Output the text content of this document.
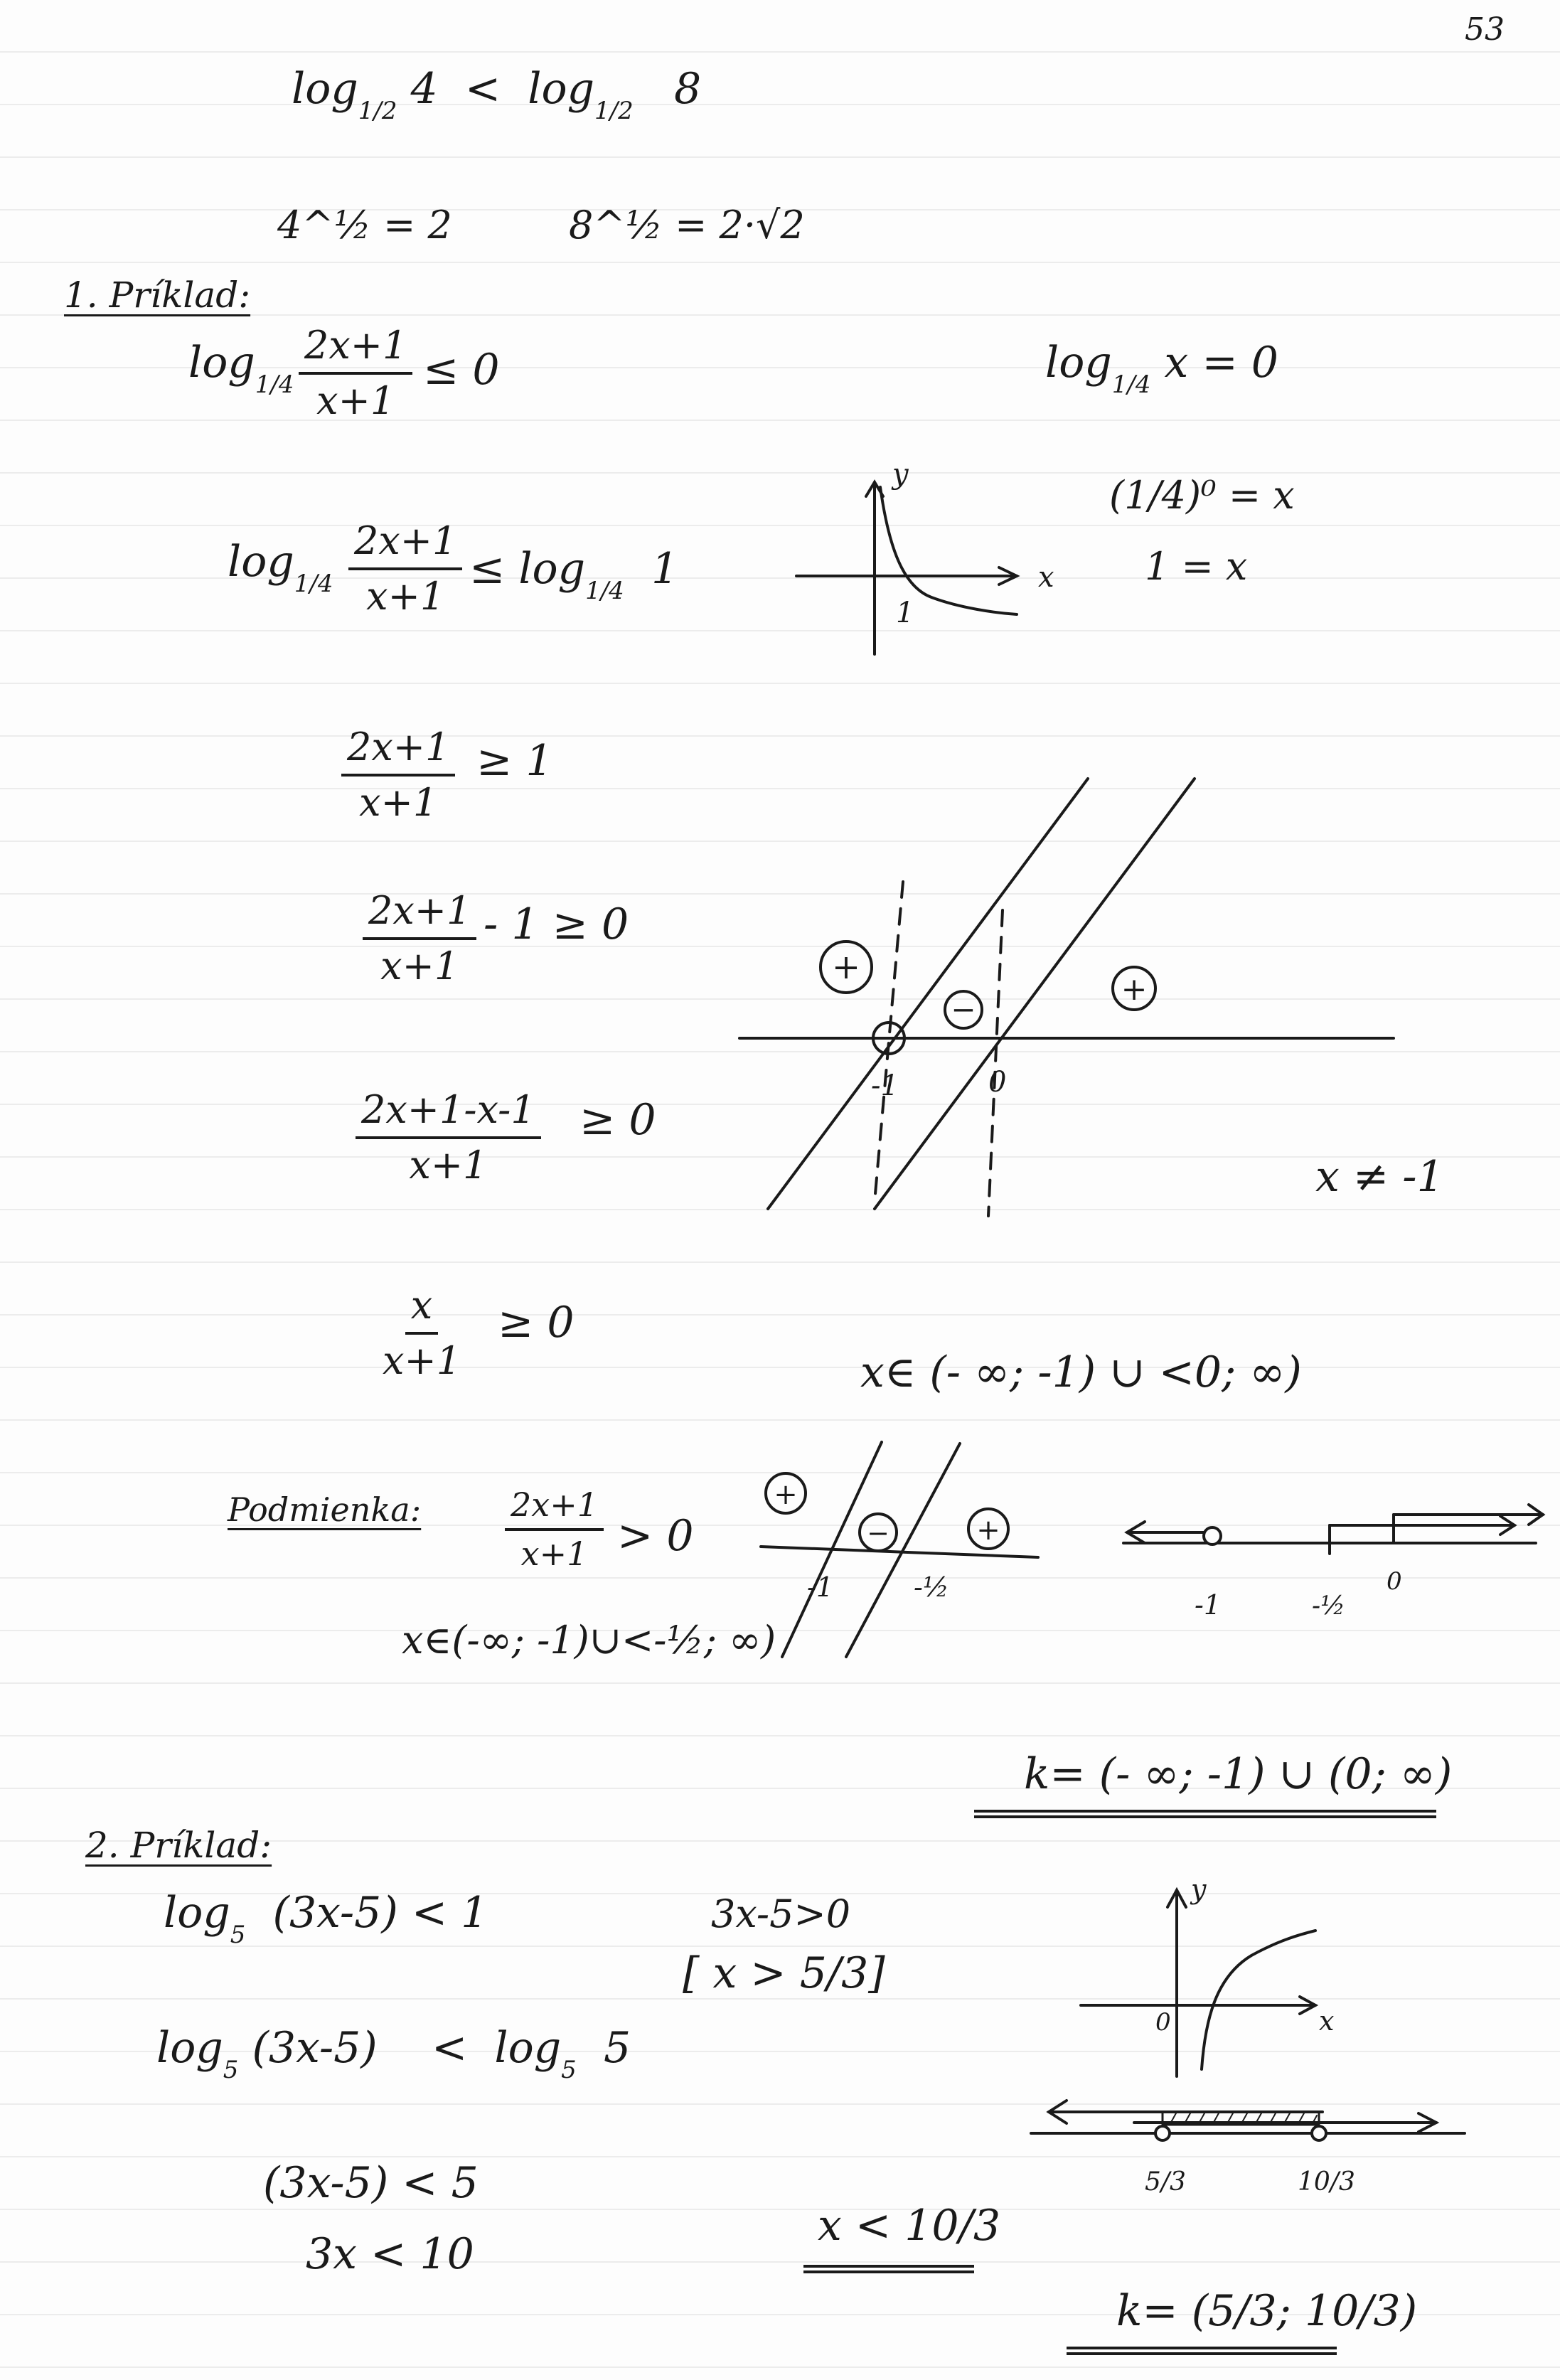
53
$\log_{1/2} 4 < \log_{1/2} 8$
4^½ = 2	8^½ = 2·√2
1. Príklad:
$\log_{1/4} \frac{2x+1}{x+1} \le 0$	$\log_{1/4} x = 0$
(1/4)⁰ = x
1 = x
$\log_{1/4} \frac{2x+1}{x+1} \le \log_{1/4} 1$
y
x
1
$\frac{2x+1}{x+1} \ge 1$
$\frac{2x+1}{x+1} - 1 \ge 0$
$\frac{2x+1-x-1}{x+1} \ge 0$
+
−
+
-1	0
x ≠ -1
$\frac{x}{x+1} \ge 0$
x∈ (- ∞; -1) ∪ <0; ∞)
Podmienka:	$\frac{2x+1}{x+1} > 0$
x∈(-∞; -1)∪<-½; ∞)
+
−	+
-1	-½
-1	-½
0
k= (- ∞; -1) ∪ (0; ∞)
2. Príklad:
$\log_5 (3x-5) < 1$
$\log_5 (3x-5) < \log_5 5$
3x-5>0
[ x > 5/3]
(3x-5) < 5
3x < 10
x < 10/3
y
x
0
5/3	10/3
k= (5/3; 10/3)
